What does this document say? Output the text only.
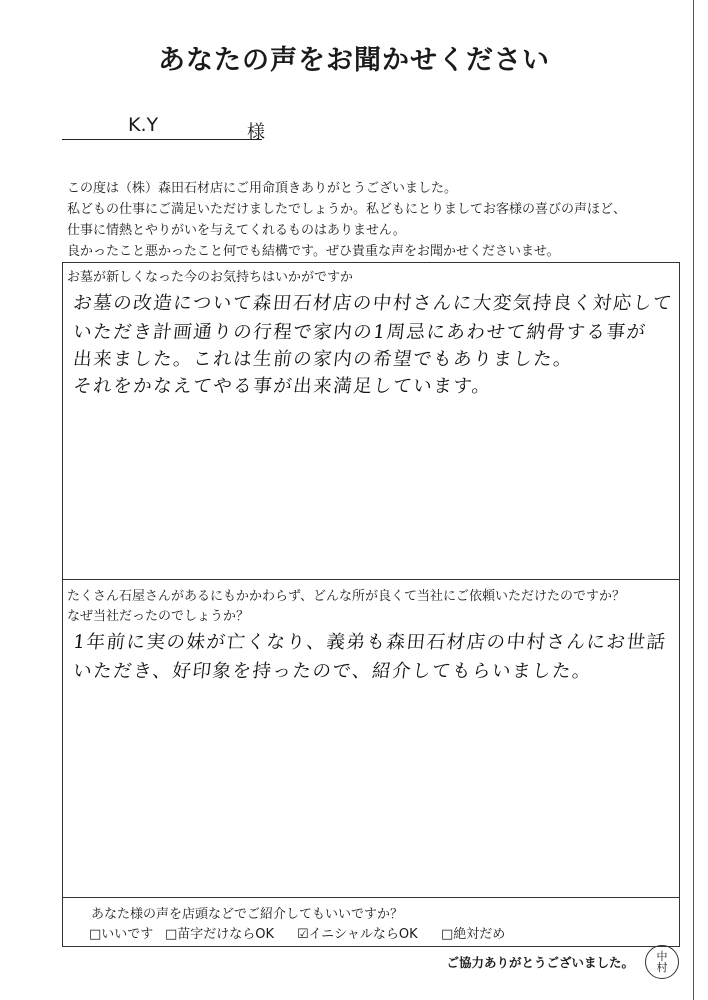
あなたの声をお聞かせください
K.Y	様
この度は（株）森田石材店にご用命頂きありがとうございました。
私どもの仕事にご満足いただけましたでしょうか。私どもにとりましてお客様の喜びの声ほど、
仕事に情熱とやりがいを与えてくれるものはありません。
良かったこと悪かったこと何でも結構です。ぜひ貴重な声をお聞かせくださいませ。
お墓が新しくなった今のお気持ちはいかがですか
お墓の改造について森田石材店の中村さんに大変気持良く対応して
いただき計画通りの行程で家内の1周忌にあわせて納骨する事が
出来ました。これは生前の家内の希望でもありました。
それをかなえてやる事が出来満足しています。
たくさん石屋さんがあるにもかかわらず、どんな所が良くて当社にご依頼いただけたのですか？
なぜ当社だったのでしょうか？
1年前に実の妹が亡くなり、義弟も森田石材店の中村さんにお世話
いただき、好印象を持ったので、紹介してもらいました。
あなた様の声を店頭などでご紹介してもいいですか？
□いいです □苗字だけならOK ☑イニシャルならOK □絶対だめ
ご協力ありがとうございました。	中
村
